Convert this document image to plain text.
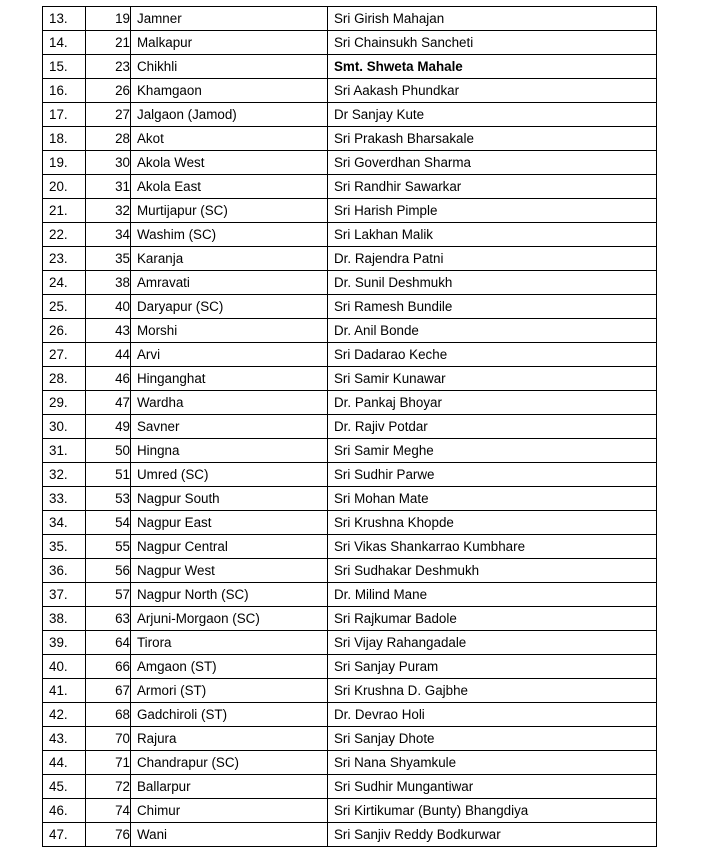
13.	19	Jamner	Sri Girish Mahajan
14.	21	Malkapur	Sri Chainsukh Sancheti
15.	23	Chikhli	Smt. Shweta Mahale
16.	26	Khamgaon	Sri Aakash Phundkar
17.	27	Jalgaon (Jamod)	Dr Sanjay Kute
18.	28	Akot	Sri Prakash Bharsakale
19.	30	Akola West	Sri Goverdhan Sharma
20.	31	Akola East	Sri Randhir Sawarkar
21.	32	Murtijapur (SC)	Sri Harish Pimple
22.	34	Washim (SC)	Sri Lakhan Malik
23.	35	Karanja	Dr. Rajendra Patni
24.	38	Amravati	Dr. Sunil Deshmukh
25.	40	Daryapur (SC)	Sri Ramesh Bundile
26.	43	Morshi	Dr. Anil Bonde
27.	44	Arvi	Sri Dadarao Keche
28.	46	Hinganghat	Sri Samir Kunawar
29.	47	Wardha	Dr. Pankaj Bhoyar
30.	49	Savner	Dr. Rajiv Potdar
31.	50	Hingna	Sri Samir Meghe
32.	51	Umred (SC)	Sri Sudhir Parwe
33.	53	Nagpur South	Sri Mohan Mate
34.	54	Nagpur East	Sri Krushna Khopde
35.	55	Nagpur Central	Sri Vikas Shankarrao Kumbhare
36.	56	Nagpur West	Sri Sudhakar Deshmukh
37.	57	Nagpur North (SC)	Dr. Milind Mane
38.	63	Arjuni-Morgaon (SC)	Sri Rajkumar Badole
39.	64	Tirora	Sri Vijay Rahangadale
40.	66	Amgaon (ST)	Sri Sanjay Puram
41.	67	Armori (ST)	Sri Krushna D. Gajbhe
42.	68	Gadchiroli (ST)	Dr. Devrao Holi
43.	70	Rajura	Sri Sanjay Dhote
44.	71	Chandrapur (SC)	Sri Nana Shyamkule
45.	72	Ballarpur	Sri Sudhir Mungantiwar
46.	74	Chimur	Sri Kirtikumar (Bunty) Bhangdiya
47.	76	Wani	Sri Sanjiv Reddy Bodkurwar
